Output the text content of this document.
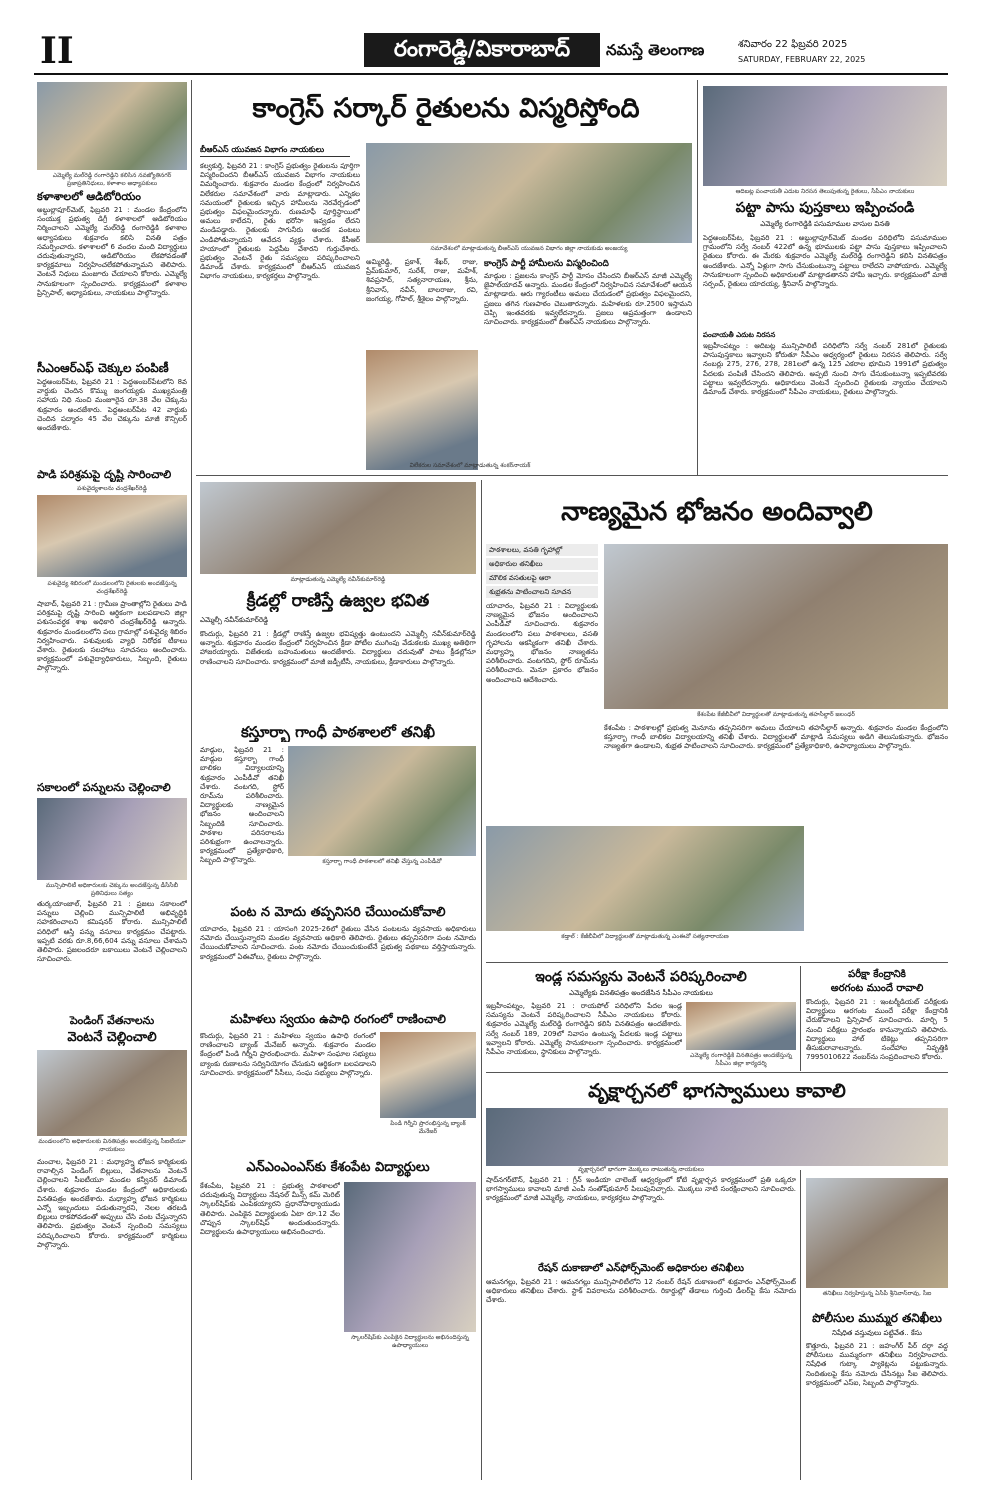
II	రంగారెడ్డి/వికారాబాద్	నమస్తే తెలంగాణ	శనివారం 22 ఫిబ్రవరి 2025
SATURDAY, FEBRUARY 22, 2025
ఎమ్మెల్యే మల్‌రెడ్డి రంగారెడ్డిని కలిసిన నవజ్యోతినగర్ ప్రజాప్రతినిధులు, కళాశాల అధ్యాపకులు
కళాశాలలో ఆడిటోరియం
అబ్దుల్లాపూర్‌మెట్, ఫిబ్రవరి 21 : మండల కేంద్రంలోని సంయుక్త ప్రభుత్వ డిగ్రీ కళాశాలలో ఆడిటోరియం నిర్మించాలని ఎమ్మెల్యే మల్‌రెడ్డి రంగారెడ్డికి కళాశాల అధ్యాపకులు శుక్రవారం కలిసి వినతి పత్రం సమర్పించారు. కళాశాలలో 6 వందల మంది విద్యార్థులు చదువుతున్నారని, ఆడిటోరియం లేకపోవడంతో కార్యక్రమాలు నిర్వహించలేకపోతున్నామని తెలిపారు. వెంటనే నిధులు మంజూరు చేయాలని కోరారు. ఎమ్మెల్యే సానుకూలంగా స్పందించారు. కార్యక్రమంలో కళాశాల ప్రిన్సిపాల్, అధ్యాపకులు, నాయకులు పాల్గొన్నారు.
సీఎంఆర్‌ఎఫ్ చెక్కుల పంపిణీ
పెద్దఅంబర్‌పేట, ఫిబ్రవరి 21 : పెద్దఅంబర్‌పేటలోని 8వ వార్డుకు చెందిన కొమ్ము జంగయ్యకు ముఖ్యమంత్రి సహాయ నిధి నుంచి మంజూరైన రూ.38 వేల చెక్కును శుక్రవారం అందజేశారు. పెద్దఅంబర్‌పేట 42 వార్డుకు చెందిన పద్మారం 45 వేల చెక్కును మాజీ కౌన్సిలర్ అందజేశారు.
పాడి పరిశ్రమపై దృష్టి సారించాలి
పశువైద్యశాలను చంద్రశేఖర్‌రెడ్డి
పశువైద్య శిబిరంలో మండలంలోని రైతులకు అందజేస్తున్న చంద్రశేఖర్‌రెడ్డి
షాబాద్, ఫిబ్రవరి 21 : గ్రామీణ ప్రాంతాల్లోని రైతులు పాడి పరిశ్రమపై దృష్టి సారించి ఆర్థికంగా బలపడాలని జిల్లా పశుసంవర్ధక శాఖ అధికారి చంద్రశేఖర్‌రెడ్డి అన్నారు. శుక్రవారం మండలంలోని పలు గ్రామాల్లో పశువైద్య శిబిరం నిర్వహించారు. పశువులకు వ్యాధి నిరోధక టీకాలు వేశారు. రైతులకు సలహాలు సూచనలు అందించారు. కార్యక్రమంలో పశువైద్యాధికారులు, సిబ్బంది, రైతులు పాల్గొన్నారు.
సకాలంలో పన్నులను చెల్లించాలి
మున్సిపాలిటీ అధికారులకు చెక్కును అందజేస్తున్న డీసీసీబీ ప్రతినిధులు సత్యం
తుర్కయాంజాల్, ఫిబ్రవరి 21 : ప్రజలు సకాలంలో పన్నులు చెల్లించి మున్సిపాలిటీ అభివృద్ధికి సహకరించాలని కమిషనర్ కోరారు. మున్సిపాలిటీ పరిధిలో ఆస్తి పన్ను వసూలు కార్యక్రమం చేపట్టారు. ఇప్పటి వరకు రూ.8,66,604 పన్ను వసూలు చేశామని తెలిపారు. ప్రజలందరూ బకాయిలు వెంటనే చెల్లించాలని సూచించారు.
పెండింగ్ వేతనాలను
వెంటనే చెల్లించాలి
మండలంలోని అధికారులకు వినతిపత్రం అందజేస్తున్న సీఐటీయూ నాయకులు
మంచాల, ఫిబ్రవరి 21 : మధ్యాహ్న భోజన కార్మికులకు రావాల్సిన పెండింగ్ బిల్లులు, వేతనాలను వెంటనే చెల్లించాలని సీఐటీయూ మండల కన్వీనర్ డిమాండ్ చేశారు. శుక్రవారం మండల కేంద్రంలో అధికారులకు వినతిపత్రం అందజేశారు. మధ్యాహ్న భోజన కార్మికులు ఎన్నో ఇబ్బందులు పడుతున్నారని, నెలల తరబడి బిల్లులు రాకపోవడంతో అప్పులు చేసి వంట చేస్తున్నారని తెలిపారు. ప్రభుత్వం వెంటనే స్పందించి సమస్యలు పరిష్కరించాలని కోరారు. కార్యక్రమంలో కార్మికులు పాల్గొన్నారు.
కాంగ్రెస్ సర్కార్ రైతులను విస్మరిస్తోంది
బీఆర్‌ఎస్ యువజన విభాగం నాయకులు
కల్వకుర్తి, ఫిబ్రవరి 21 : కాంగ్రెస్ ప్రభుత్వం రైతులను పూర్తిగా విస్మరించిందని బీఆర్‌ఎస్ యువజన విభాగం నాయకులు విమర్శించారు. శుక్రవారం మండల కేంద్రంలో నిర్వహించిన విలేకరుల సమావేశంలో వారు మాట్లాడారు. ఎన్నికల సమయంలో రైతులకు ఇచ్చిన హామీలను నెరవేర్చడంలో ప్రభుత్వం విఫలమైందన్నారు. రుణమాఫీ పూర్తిస్థాయిలో అమలు కాలేదని, రైతు భరోసా ఇవ్వడం లేదని మండిపడ్డారు. రైతులకు సాగునీరు అందక పంటలు ఎండిపోతున్నాయని ఆవేదన వ్యక్తం చేశారు. కేసీఆర్ హయాంలో రైతులకు పెద్దపీట వేశారని గుర్తుచేశారు. ప్రభుత్వం వెంటనే రైతు సమస్యలు పరిష్కరించాలని డిమాండ్ చేశారు. కార్యక్రమంలో బీఆర్‌ఎస్ యువజన విభాగం నాయకులు, కార్యకర్తలు పాల్గొన్నారు.
సమావేశంలో మాట్లాడుతున్న బీఆర్‌ఎస్ యువజన విభాగం జిల్లా నాయకుడు అంజయ్య
అమ్మిరెడ్డి, ప్రకాశ్, శేఖర్, రాజు, ప్రేమ్‌కుమార్, సురేశ్, రాజు, మహేశ్, శివప్రసాద్, సత్యనారాయణ, శ్రీను, శ్రీనివాస్, నవీన్, బాలరాజు, రవి, జంగయ్య, గోపాల్, శ్రీశైలం పాల్గొన్నారు.
కాంగ్రెస్ పార్టీ హామీలను విస్మరించింది
మాడ్గుల : ప్రజలను కాంగ్రెస్ పార్టీ మోసం చేసిందని బీఆర్‌ఎస్ మాజీ ఎమ్మెల్యే జైపాల్‌యాదవ్ అన్నారు. మండల కేంద్రంలో నిర్వహించిన సమావేశంలో ఆయన మాట్లాడారు. ఆరు గ్యారంటీలు అమలు చేయడంలో ప్రభుత్వం విఫలమైందని, ప్రజలు తగిన గుణపాఠం చెబుతారన్నారు. మహిళలకు రూ.2500 ఇస్తామని చెప్పి ఇంతవరకు ఇవ్వలేదన్నారు. ప్రజలు అప్రమత్తంగా ఉండాలని సూచించారు. కార్యక్రమంలో బీఆర్‌ఎస్ నాయకులు పాల్గొన్నారు.
విలేకరుల సమావేశంలో మాట్లాడుతున్న శంకర్‌నాయక్
ఆదిబట్ల పంచాయతీ ఎదుట నిరసన తెలుపుతున్న రైతులు, సీపీఎం నాయకులు
పట్టా పాసు పుస్తకాలు ఇప్పించండి
ఎమ్మెల్యే రంగారెడ్డికి పసుమాముల వాసుల వినతి
పెద్దఅంబర్‌పేట, ఫిబ్రవరి 21 : అబ్దుల్లాపూర్‌మెట్ మండల పరిధిలోని పసుమాముల గ్రామంలోని సర్వే నంబర్ 422లో ఉన్న భూములకు పట్టా పాసు పుస్తకాలు ఇప్పించాలని రైతులు కోరారు. ఈ మేరకు శుక్రవారం ఎమ్మెల్యే మల్‌రెడ్డి రంగారెడ్డిని కలిసి వినతిపత్రం అందజేశారు. ఎన్నో ఏళ్లుగా సాగు చేసుకుంటున్నా పట్టాలు రాలేదని వాపోయారు. ఎమ్మెల్యే సానుకూలంగా స్పందించి అధికారులతో మాట్లాడతానని హామీ ఇచ్చారు. కార్యక్రమంలో మాజీ సర్పంచ్, రైతులు యాదయ్య, శ్రీనివాస్ పాల్గొన్నారు.
పంచాయతీ ఎదుట నిరసన
ఇబ్రహీంపట్నం : ఆదిబట్ల మున్సిపాలిటీ పరిధిలోని సర్వే నంబర్ 281లో రైతులకు పాసుపుస్తకాలు ఇవ్వాలని కోరుతూ సీపీఎం ఆధ్వర్యంలో రైతులు నిరసన తెలిపారు. సర్వే నంబర్లు 275, 276, 278, 281లలో ఉన్న 125 ఎకరాల భూమిని 1991లో ప్రభుత్వం పేదలకు పంపిణీ చేసిందని తెలిపారు. అప్పటి నుంచి సాగు చేసుకుంటున్నా ఇప్పటివరకు పట్టాలు ఇవ్వలేదన్నారు. అధికారులు వెంటనే స్పందించి రైతులకు న్యాయం చేయాలని డిమాండ్ చేశారు. కార్యక్రమంలో సీపీఎం నాయకులు, రైతులు పాల్గొన్నారు.
మాట్లాడుతున్న ఎమ్మెల్యే నవీన్‌కుమార్‌రెడ్డి
క్రీడల్లో రాణిస్తే ఉజ్వల భవిత
ఎమ్మెల్సీ నవీన్‌కుమార్‌రెడ్డి
కొందుర్గు, ఫిబ్రవరి 21 : క్రీడల్లో రాణిస్తే ఉజ్వల భవిష్యత్తు ఉంటుందని ఎమ్మెల్సీ నవీన్‌కుమార్‌రెడ్డి అన్నారు. శుక్రవారం మండల కేంద్రంలో నిర్వహించిన క్రీడా పోటీల ముగింపు వేడుకలకు ముఖ్య అతిథిగా హాజరయ్యారు. విజేతలకు బహుమతులు అందజేశారు. విద్యార్థులు చదువుతో పాటు క్రీడల్లోనూ రాణించాలని సూచించారు. కార్యక్రమంలో మాజీ జడ్పీటీసీ, నాయకులు, క్రీడాకారులు పాల్గొన్నారు.
కస్తూర్బా గాంధీ పాఠశాలలో తనిఖీ
మాడ్గుల, ఫిబ్రవరి 21 : మాడ్గుల కస్తూర్బా గాంధీ బాలికల విద్యాలయాన్ని శుక్రవారం ఎంపీడీవో తనిఖీ చేశారు. వంటగది, స్టోర్ రూమ్‌ను పరిశీలించారు. విద్యార్థులకు నాణ్యమైన భోజనం అందించాలని సిబ్బందికి సూచించారు. పాఠశాల పరిసరాలను పరిశుభ్రంగా ఉంచాలన్నారు. కార్యక్రమంలో ప్రత్యేకాధికారి, సిబ్బంది పాల్గొన్నారు.	కస్తూర్బా గాంధీ పాఠశాలలో తనిఖీ చేస్తున్న ఎంపీడీవో
పంట న మోదు తప్పనిసరి చేయించుకోవాలి
యాచారం, ఫిబ్రవరి 21 : యాసంగి 2025-26లో రైతులు వేసిన పంటలను వ్యవసాయ అధికారులు నమోదు చేయిస్తున్నారని మండల వ్యవసాయ అధికారి తెలిపారు. రైతులు తప్పనిసరిగా పంట నమోదు చేయించుకోవాలని సూచించారు. పంట నమోదు చేయించుకుంటేనే ప్రభుత్వ పథకాలు వర్తిస్తాయన్నారు. కార్యక్రమంలో ఏఈవోలు, రైతులు పాల్గొన్నారు.
మహిళలు స్వయం ఉపాధి రంగంలో రాణించాలి
కొందుర్గు, ఫిబ్రవరి 21 : మహిళలు స్వయం ఉపాధి రంగంలో రాణించాలని బ్యాంక్ మేనేజర్ అన్నారు. శుక్రవారం మండల కేంద్రంలో పిండి గిర్నీని ప్రారంభించారు. మహిళా సంఘాల సభ్యులు బ్యాంకు రుణాలను సద్వినియోగం చేసుకుని ఆర్థికంగా బలపడాలని సూచించారు. కార్యక్రమంలో సీసీలు, సంఘ సభ్యులు పాల్గొన్నారు.
పిండి గిర్నీని ప్రారంభిస్తున్న బ్యాంక్ మేనేజర్
ఎన్‌ఎంఎంఎస్‌కు కేశంపేట విద్యార్థులు
కేశంపేట, ఫిబ్రవరి 21 : ప్రభుత్వ పాఠశాలలో చదువుతున్న విద్యార్థులు నేషనల్ మీన్స్ కమ్ మెరిట్ స్కాలర్‌షిప్‌కు ఎంపికయ్యారని ప్రధానోపాధ్యాయుడు తెలిపారు. ఎంపికైన విద్యార్థులకు ఏటా రూ.12 వేల చొప్పున స్కాలర్‌షిప్ అందుతుందన్నారు. విద్యార్థులను ఉపాధ్యాయులు అభినందించారు.
స్కాలర్‌షిప్‌కు ఎంపికైన విద్యార్థులను అభినందిస్తున్న ఉపాధ్యాయులు
నాణ్యమైన భోజనం అందివ్వాలి
పాఠశాలలు, వసతి గృహాల్లో
అధికారుల తనిఖీలు
మౌలిక వసతులపై ఆరా
శుభ్రతను పాటించాలని సూచన
యాచారం, ఫిబ్రవరి 21 : విద్యార్థులకు నాణ్యమైన భోజనం అందించాలని ఎంపీడీవో సూచించారు. శుక్రవారం మండలంలోని పలు పాఠశాలలు, వసతి గృహాలను ఆకస్మికంగా తనిఖీ చేశారు. మధ్యాహ్న భోజనం నాణ్యతను పరిశీలించారు. వంటగదిని, స్టోర్ రూమ్‌ను పరిశీలించారు. మెనూ ప్రకారం భోజనం అందించాలని ఆదేశించారు.
కేశంపేట కేజీబీవీలో విద్యార్థులతో మాట్లాడుతున్న తహసీల్దార్ జలంధర్
కేశంపేట : పాఠశాలల్లో ప్రభుత్వ మెనూను తప్పనిసరిగా అమలు చేయాలని తహసీల్దార్ అన్నారు. శుక్రవారం మండల కేంద్రంలోని కస్తూర్బా గాంధీ బాలికల విద్యాలయాన్ని తనిఖీ చేశారు. విద్యార్థులతో మాట్లాడి సమస్యలు అడిగి తెలుసుకున్నారు. భోజనం నాణ్యతగా ఉండాలని, శుభ్రత పాటించాలని సూచించారు. కార్యక్రమంలో ప్రత్యేకాధికారి, ఉపాధ్యాయులు పాల్గొన్నారు.
కడ్తాల్ : కేజీబీవీలో విద్యార్థులతో మాట్లాడుతున్న ఎంఈవో సత్యనారాయణ
ఇండ్ల సమస్యను వెంటనే పరిష్కరించాలి
ఎమ్మెల్యేకు వినతిపత్రం అందజేసిన సీపీఎం నాయకులు
ఇబ్రహీంపట్నం, ఫిబ్రవరి 21 : రాయపోల్ పరిధిలోని పేదల ఇండ్ల సమస్యను వెంటనే పరిష్కరించాలని సీపీఎం నాయకులు కోరారు. శుక్రవారం ఎమ్మెల్యే మల్‌రెడ్డి రంగారెడ్డిని కలిసి వినతిపత్రం అందజేశారు. సర్వే నంబర్ 189, 209లో నివాసం ఉంటున్న పేదలకు ఇండ్ల పట్టాలు ఇవ్వాలని కోరారు. ఎమ్మెల్యే సానుకూలంగా స్పందించారు. కార్యక్రమంలో సీపీఎం నాయకులు, స్థానికులు పాల్గొన్నారు.	ఎమ్మెల్యే రంగారెడ్డికి వినతిపత్రం అందజేస్తున్న సీపీఎం జిల్లా కార్యదర్శి
పరీక్షా కేంద్రానికి
అరగంట ముందే రావాలి
కొందుర్గు, ఫిబ్రవరి 21 : ఇంటర్మీడియట్ పరీక్షలకు విద్యార్థులు అరగంట ముందే పరీక్షా కేంద్రానికి చేరుకోవాలని ప్రిన్సిపాల్ సూచించారు. మార్చి 5 నుంచి పరీక్షలు ప్రారంభం కానున్నాయని తెలిపారు. విద్యార్థులు హాల్ టికెట్లు తప్పనిసరిగా తీసుకురావాలన్నారు. సందేహాల నివృత్తికి 7995010622 నంబర్‌ను సంప్రదించాలని కోరారు.
వృక్షార్చనలో భాగస్వాములు కావాలి
వృక్షార్చనలో భాగంగా మొక్కలు నాటుతున్న నాయకులు
షాద్‌నగర్‌టౌన్, ఫిబ్రవరి 21 : గ్రీన్ ఇండియా చాలెంజ్ ఆధ్వర్యంలో కోటి వృక్షార్చన కార్యక్రమంలో ప్రతి ఒక్కరూ భాగస్వాములు కావాలని మాజీ ఎంపీ సంతోష్‌కుమార్ పిలుపునిచ్చారు. మొక్కలు నాటి సంరక్షించాలని సూచించారు. కార్యక్రమంలో మాజీ ఎమ్మెల్యే, నాయకులు, కార్యకర్తలు పాల్గొన్నారు.
రేషన్ దుకాణాలో ఎన్‌ఫోర్స్‌మెంట్ అధికారుల తనిఖీలు
ఆమనగల్లు, ఫిబ్రవరి 21 : ఆమనగల్లు మున్సిపాలిటీలోని 12 నంబర్ రేషన్ దుకాణంలో శుక్రవారం ఎన్‌ఫోర్స్‌మెంట్ అధికారులు తనిఖీలు చేశారు. స్టాక్ వివరాలను పరిశీలించారు. రికార్డుల్లో తేడాలు గుర్తించి డీలర్‌పై కేసు నమోదు చేశారు.
తనిఖీలు నిర్వహిస్తున్న ఏసీపీ శ్రీనివాస్‌రావు, సీఐ
పోలీసుల ముమ్మర తనిఖీలు
నిషేధిత వస్తువులు పట్టివేత.. కేసు
కొత్తూరు, ఫిబ్రవరి 21 : జహంగీర్ పీర్ దర్గా వద్ద పోలీసులు ముమ్మరంగా తనిఖీలు నిర్వహించారు. నిషేధిత గుట్కా ప్యాకెట్లను పట్టుకున్నారు. నిందితులపై కేసు నమోదు చేసినట్లు సీఐ తెలిపారు. కార్యక్రమంలో ఎస్‌ఐ, సిబ్బంది పాల్గొన్నారు.
